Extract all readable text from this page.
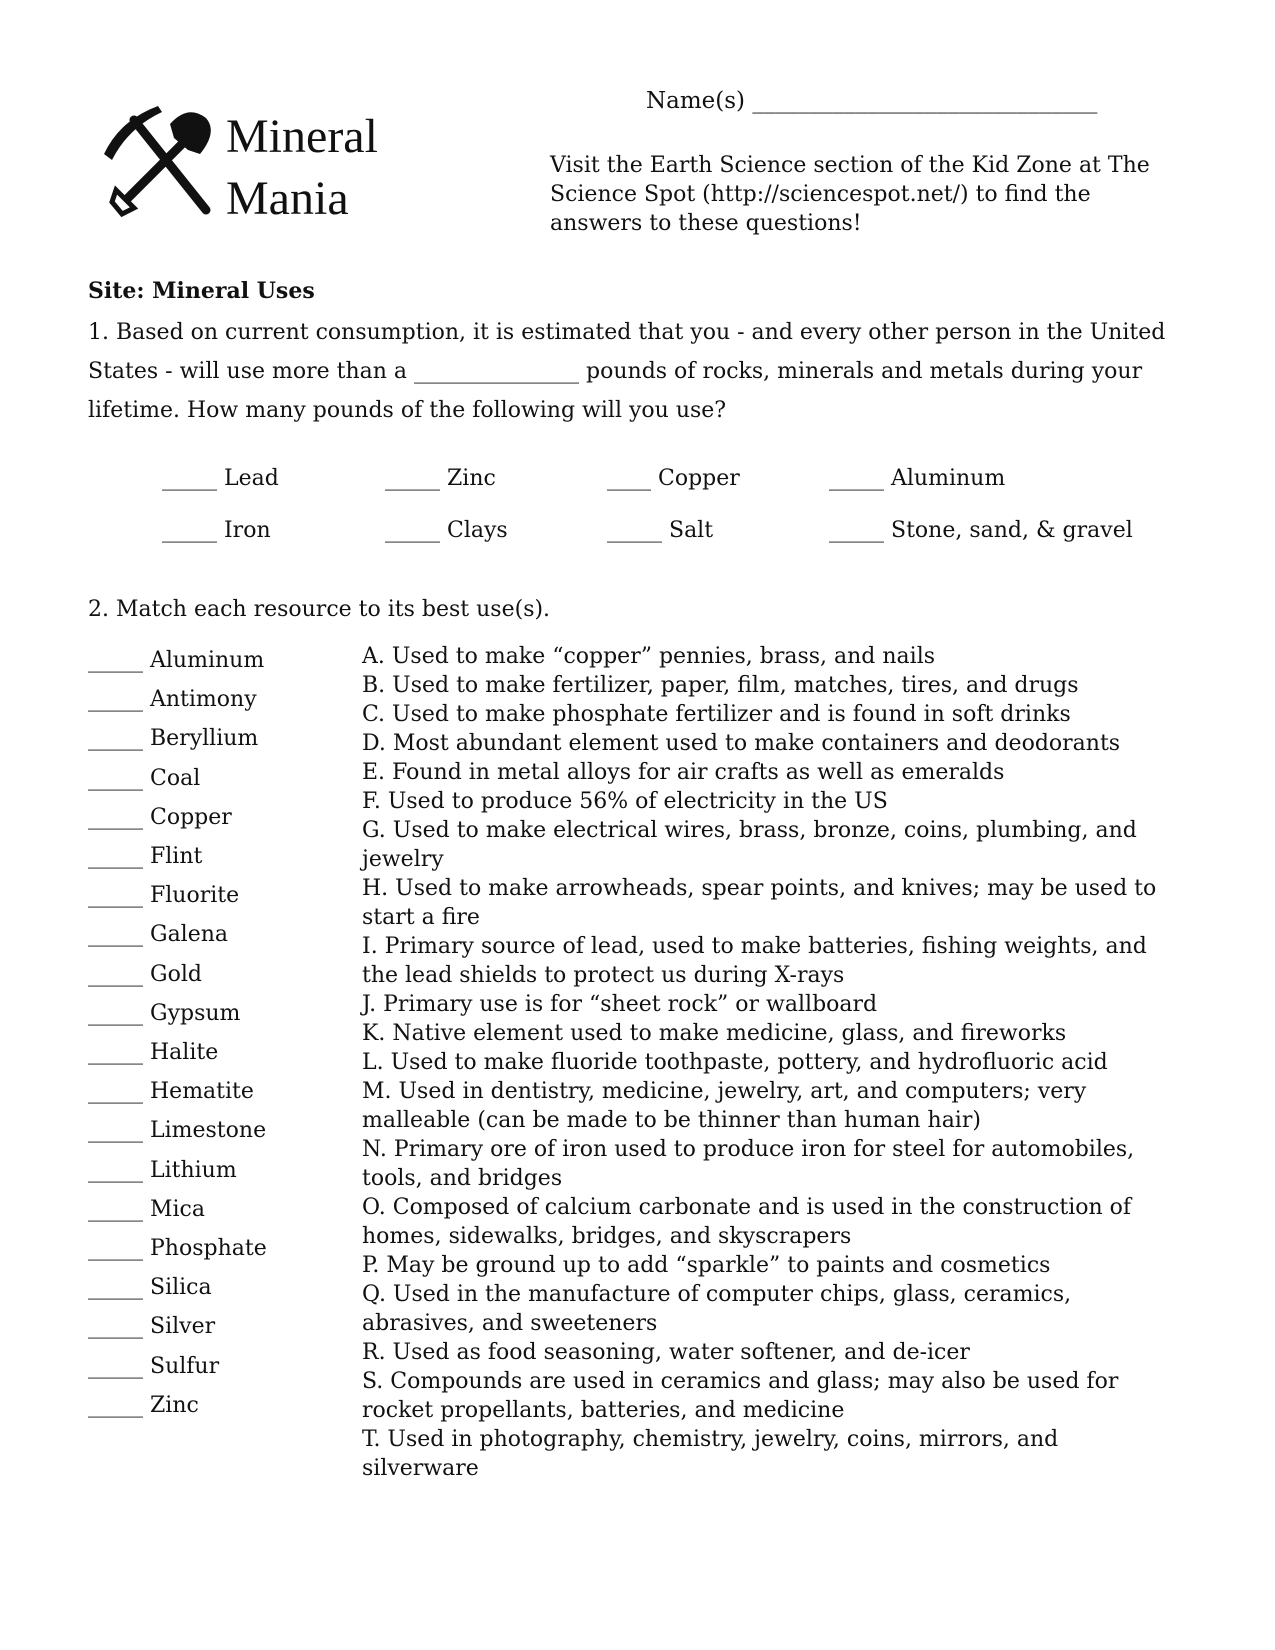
Mineral
Mania
Name(s) ______________________________
Visit the Earth Science section of the Kid Zone at The Science Spot (http://sciencespot.net/) to find the answers to these questions!
Site: Mineral Uses
1. Based on current consumption, it is estimated that you - and every other person in the United States - will use more than a _______________ pounds of rocks, minerals and metals during your lifetime. How many pounds of the following will you use?
_____ Lead	_____ Zinc	____ Copper	_____ Aluminum
_____ Iron	_____ Clays	_____ Salt	_____ Stone, sand, & gravel
2. Match each resource to its best use(s).
_____ Aluminum
_____ Antimony
_____ Beryllium
_____ Coal
_____ Copper
_____ Flint
_____ Fluorite
_____ Galena
_____ Gold
_____ Gypsum
_____ Halite
_____ Hematite
_____ Limestone
_____ Lithium
_____ Mica
_____ Phosphate
_____ Silica
_____ Silver
_____ Sulfur
_____ Zinc
A. Used to make “copper” pennies, brass, and nails
B. Used to make fertilizer, paper, film, matches, tires, and drugs
C. Used to make phosphate fertilizer and is found in soft drinks
D. Most abundant element used to make containers and deodorants
E. Found in metal alloys for air crafts as well as emeralds
F. Used to produce 56% of electricity in the US
G. Used to make electrical wires, brass, bronze, coins, plumbing, and jewelry
H. Used to make arrowheads, spear points, and knives; may be used to start a fire
I. Primary source of lead, used to make batteries, fishing weights, and the lead shields to protect us during X-rays
J. Primary use is for “sheet rock” or wallboard
K. Native element used to make medicine, glass, and fireworks
L. Used to make fluoride toothpaste, pottery, and hydrofluoric acid
M. Used in dentistry, medicine, jewelry, art, and computers; very malleable (can be made to be thinner than human hair)
N. Primary ore of iron used to produce iron for steel for automobiles, tools, and bridges
O. Composed of calcium carbonate and is used in the construction of homes, sidewalks, bridges, and skyscrapers
P. May be ground up to add “sparkle” to paints and cosmetics
Q. Used in the manufacture of computer chips, glass, ceramics, abrasives, and sweeteners
R. Used as food seasoning, water softener, and de-icer
S. Compounds are used in ceramics and glass; may also be used for rocket propellants, batteries, and medicine
T. Used in photography, chemistry, jewelry, coins, mirrors, and silverware
